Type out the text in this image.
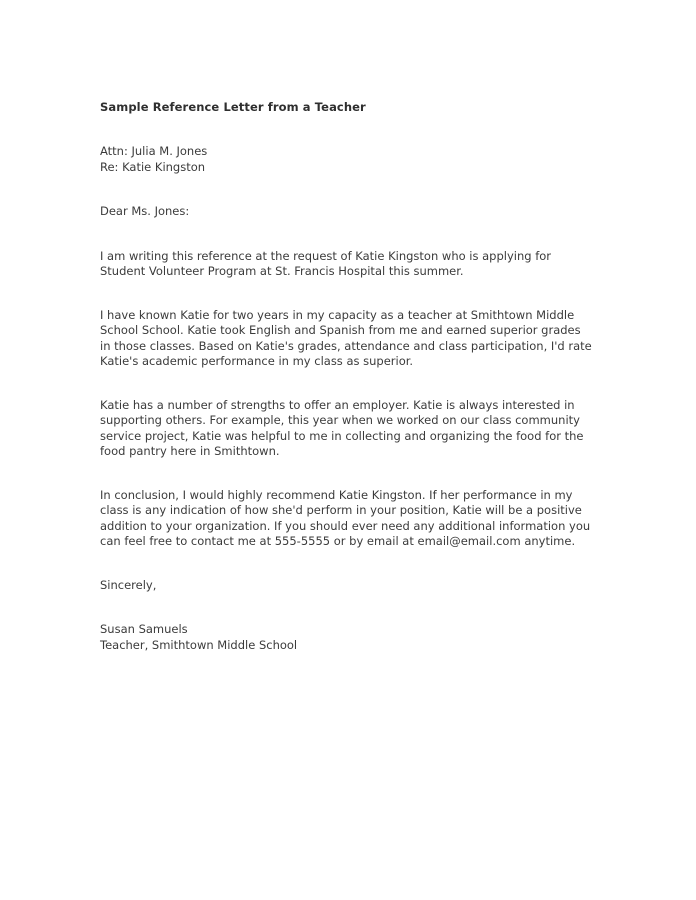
Sample Reference Letter from a Teacher

Attn: Julia M. Jones

Re: Katie Kingston

Dear Ms. Jones:

I am writing this reference at the request of Katie Kingston who is applying for Student Volunteer Program at St. Francis Hospital this summer.

I have known Katie for two years in my capacity as a teacher at Smithtown Middle School School. Katie took English and Spanish from me and earned superior grades in those classes. Based on Katie's grades, attendance and class participation, I'd rate Katie's academic performance in my class as superior.

Katie has a number of strengths to offer an employer. Katie is always interested in supporting others. For example, this year when we worked on our class community service project, Katie was helpful to me in collecting and organizing the food for the food pantry here in Smithtown.

In conclusion, I would highly recommend Katie Kingston. If her performance in my class is any indication of how she'd perform in your position, Katie will be a positive addition to your organization. If you should ever need any additional information you can feel free to contact me at 555-5555 or by email at email@email.com anytime.

Sincerely,

Susan Samuels

Teacher, Smithtown Middle School
